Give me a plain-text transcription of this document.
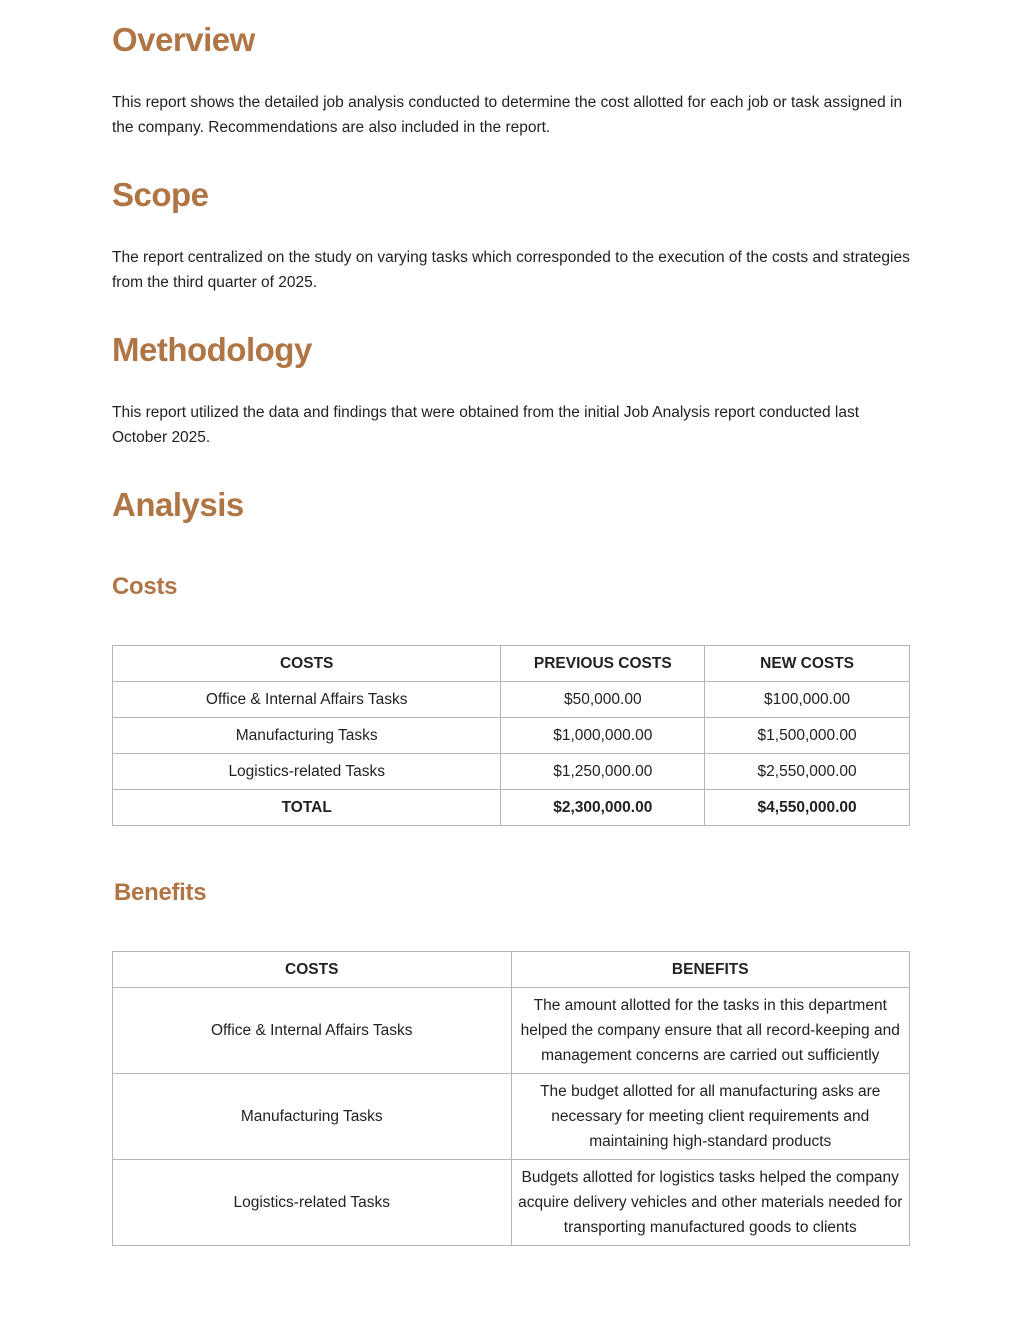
Overview

This report shows the detailed job analysis conducted to determine the cost allotted for each job or task assigned in the company. Recommendations are also included in the report.

Scope

The report centralized on the study on varying tasks which corresponded to the execution of the costs and strategies from the third quarter of 2025.

Methodology

This report utilized the data and findings that were obtained from the initial Job Analysis report conducted last October 2025.

Analysis
Costs
COSTS	PREVIOUS COSTS	NEW COSTS
Office & Internal Affairs Tasks	$50,000.00	$100,000.00
Manufacturing Tasks	$1,000,000.00	$1,500,000.00
Logistics-related Tasks	$1,250,000.00	$2,550,000.00
TOTAL	$2,300,000.00	$4,550,000.00
Benefits
COSTS	BENEFITS
Office & Internal Affairs Tasks	The amount allotted for the tasks in this department helped the company ensure that all record-keeping and management concerns are carried out sufficiently
Manufacturing Tasks	The budget allotted for all manufacturing asks are necessary for meeting client requirements and maintaining high-standard products
Logistics-related Tasks	Budgets allotted for logistics tasks helped the company acquire delivery vehicles and other materials needed for transporting manufactured goods to clients
